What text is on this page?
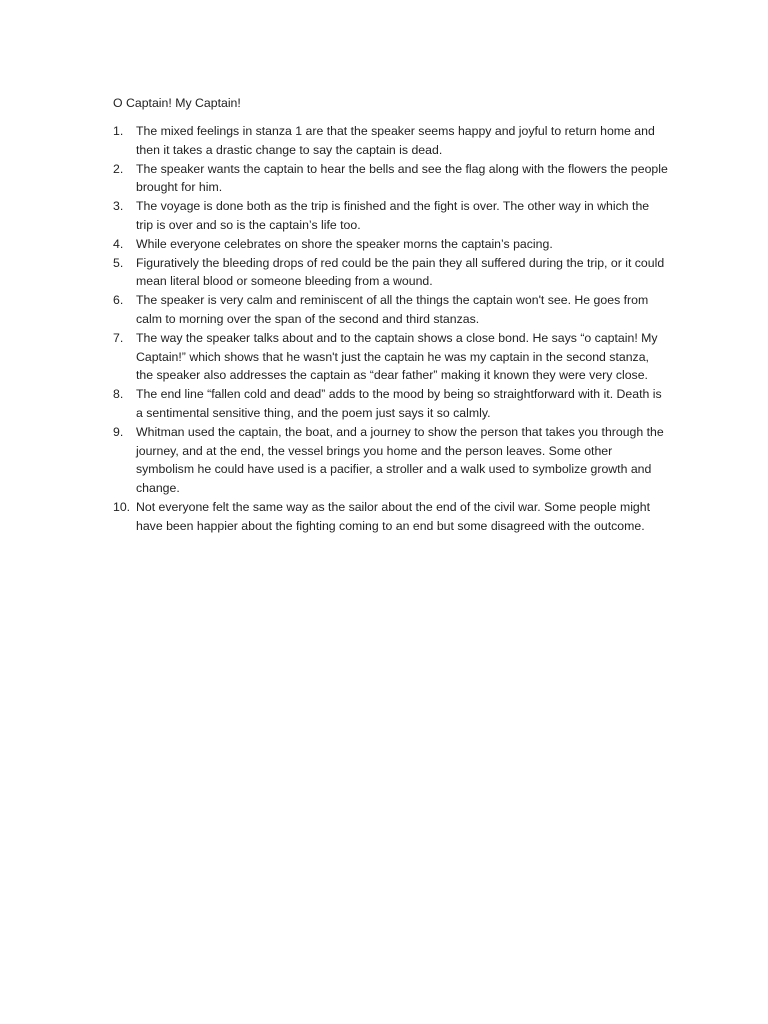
O Captain! My Captain!
1.	The mixed feelings in stanza 1 are that the speaker seems happy and joyful to return home and then it takes a drastic change to say the captain is dead.
2.	The speaker wants the captain to hear the bells and see the flag along with the flowers the people brought for him.
3.	The voyage is done both as the trip is finished and the fight is over. The other way in which the trip is over and so is the captain’s life too.
4.	While everyone celebrates on shore the speaker morns the captain’s pacing.
5.	Figuratively the bleeding drops of red could be the pain they all suffered during the trip, or it could mean literal blood or someone bleeding from a wound.
6.	The speaker is very calm and reminiscent of all the things the captain won't see. He goes from calm to morning over the span of the second and third stanzas.
7.	The way the speaker talks about and to the captain shows a close bond. He says “o captain! My Captain!” which shows that he wasn't just the captain he was my captain in the second stanza, the speaker also addresses the captain as “dear father” making it known they were very close.
8.	The end line “fallen cold and dead” adds to the mood by being so straightforward with it. Death is a sentimental sensitive thing, and the poem just says it so calmly.
9.	Whitman used the captain, the boat, and a journey to show the person that takes you through the journey, and at the end, the vessel brings you home and the person leaves. Some other symbolism he could have used is a pacifier, a stroller and a walk used to symbolize growth and change.
10. Not everyone felt the same way as the sailor about the end of the civil war. Some people might have been happier about the fighting coming to an end but some disagreed with the outcome.
